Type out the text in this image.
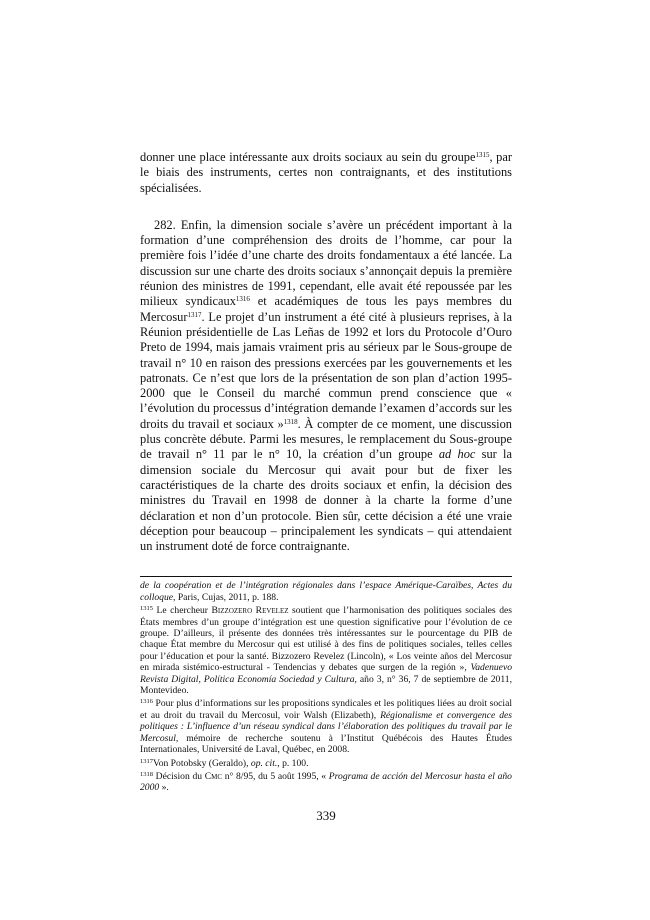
donner une place intéressante aux droits sociaux au sein du groupe$^{1315}$, par le biais des instruments, certes non contraignants, et des institutions spécialisées.

282. Enfin, la dimension sociale s’avère un précédent important à la formation d’une compréhension des droits de l’homme, car pour la première fois l’idée d’une charte des droits fondamentaux a été lancée. La discussion sur une charte des droits sociaux s’annonçait depuis la première réunion des ministres de 1991, cependant, elle avait été repoussée par les milieux syndicaux$^{1316}$ et académiques de tous les pays membres du Mercosur$^{1317}$. Le projet d’un instrument a été cité à plusieurs reprises, à la Réunion présidentielle de Las Leñas de 1992 et lors du Protocole d’Ouro Preto de 1994, mais jamais vraiment pris au sérieux par le Sous-groupe de travail n° 10 en raison des pressions exercées par les gouvernements et les patronats. Ce n’est que lors de la présentation de son plan d’action 1995-2000 que le Conseil du marché commun prend conscience que « l’évolution du processus d’intégration demande l’examen d’accords sur les droits du travail et sociaux »$^{1318}$. À compter de ce moment, une discussion plus concrète débute. Parmi les mesures, le remplacement du Sous-groupe de travail n° 11 par le n° 10, la création d’un groupe ad hoc sur la dimension sociale du Mercosur qui avait pour but de fixer les caractéristiques de la charte des droits sociaux et enfin, la décision des ministres du Travail en 1998 de donner à la charte la forme d’une déclaration et non d’un protocole. Bien sûr, cette décision a été une vraie déception pour beaucoup – principalement les syndicats – qui attendaient un instrument doté de force contraignante.

de la coopération et de l’intégration régionales dans l’espace Amérique-Caraïbes, Actes du colloque, Paris, Cujas, 2011, p. 188.

$^{1315}$ Le chercheur Bizzozero Revelez soutient que l’harmonisation des politiques sociales des États membres d’un groupe d’intégration est une question significative pour l’évolution de ce groupe. D’ailleurs, il présente des données très intéressantes sur le pourcentage du PIB de chaque État membre du Mercosur qui est utilisé à des fins de politiques sociales, telles celles pour l’éducation et pour la santé. Bizzozero Revelez (Lincoln), « Los veinte años del Mercosur en mirada sistémico-estructural - Tendencias y debates que surgen de la región », Vadenuevo Revista Digital, Política Economía Sociedad y Cultura, año 3, n° 36, 7 de septiembre de 2011, Montevideo.

$^{1316}$ Pour plus d’informations sur les propositions syndicales et les politiques liées au droit social et au droit du travail du Mercosul, voir Walsh (Elizabeth), Régionalisme et convergence des politiques : L’influence d’un réseau syndical dans l’élaboration des politiques du travail par le Mercosul, mémoire de recherche soutenu à l’Institut Québécois des Hautes Études Internationales, Université de Laval, Québec, en 2008.

$^{1317}$Von Potobsky (Geraldo), op. cit., p. 100.

$^{1318}$ Décision du Cmc n° 8/95, du 5 août 1995, « Programa de acción del Mercosur hasta el año 2000 ».

339
